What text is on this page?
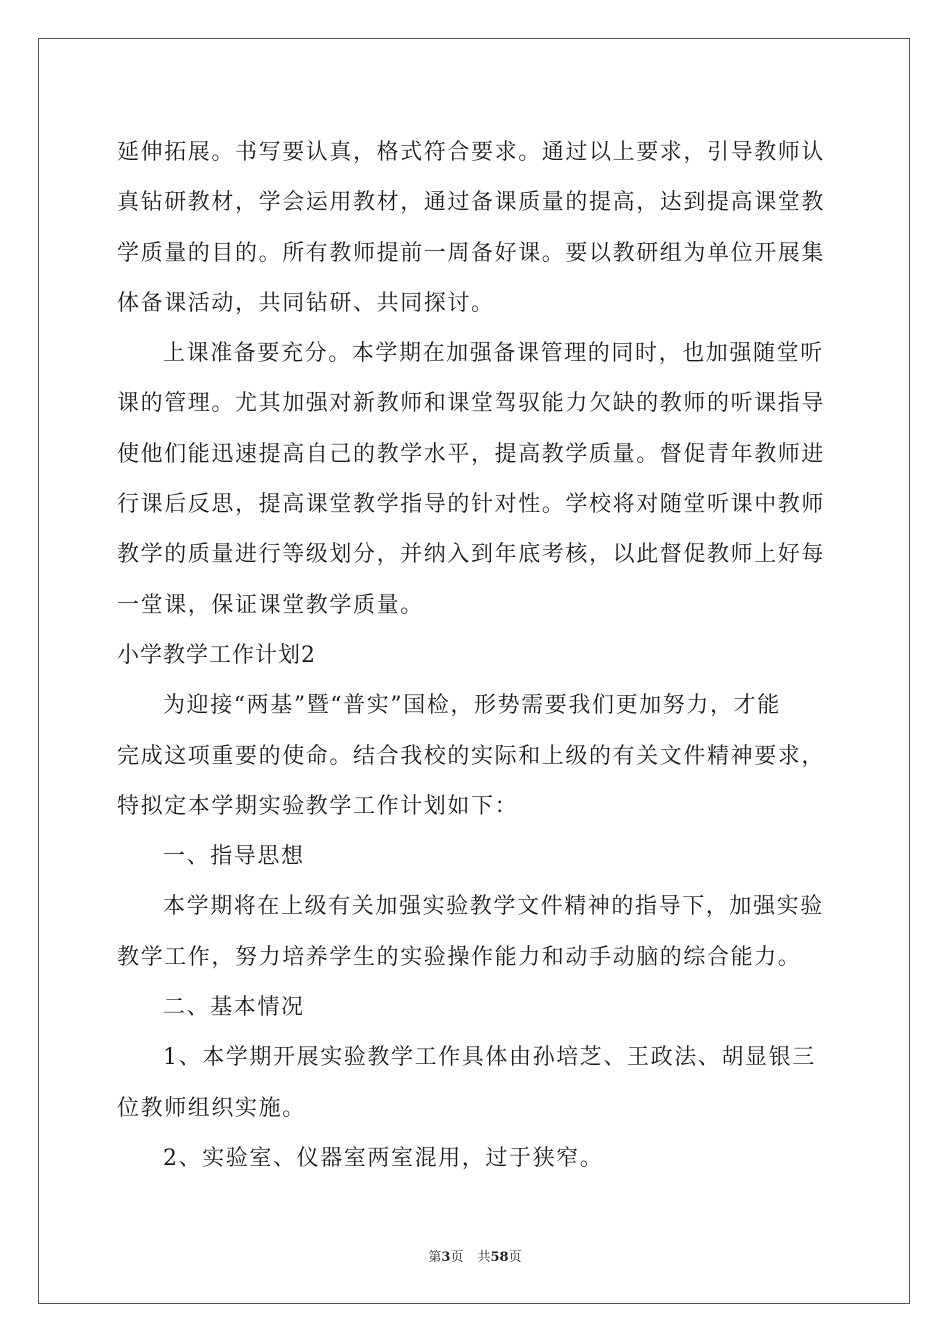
延伸拓展。书写要认真，格式符合要求。通过以上要求，引导教师认
真钻研教材，学会运用教材，通过备课质量的提高，达到提高课堂教
学质量的目的。所有教师提前一周备好课。要以教研组为单位开展集
体备课活动，共同钻研、共同探讨。
上课准备要充分。本学期在加强备课管理的同时，也加强随堂听
课的管理。尤其加强对新教师和课堂驾驭能力欠缺的教师的听课指导
使他们能迅速提高自己的教学水平，提高教学质量。督促青年教师进
行课后反思，提高课堂教学指导的针对性。学校将对随堂听课中教师
教学的质量进行等级划分，并纳入到年底考核，以此督促教师上好每
一堂课，保证课堂教学质量。
小学教学工作计划2
为迎接“两基”暨“普实”国检，形势需要我们更加努力，才能
完成这项重要的使命。结合我校的实际和上级的有关文件精神要求，
特拟定本学期实验教学工作计划如下：
一、指导思想
本学期将在上级有关加强实验教学文件精神的指导下，加强实验
教学工作，努力培养学生的实验操作能力和动手动脑的综合能力。
二、基本情况
1、本学期开展实验教学工作具体由孙培芝、王政法、胡显银三
位教师组织实施。
2、实验室、仪器室两室混用，过于狭窄。
第3页 共58页
